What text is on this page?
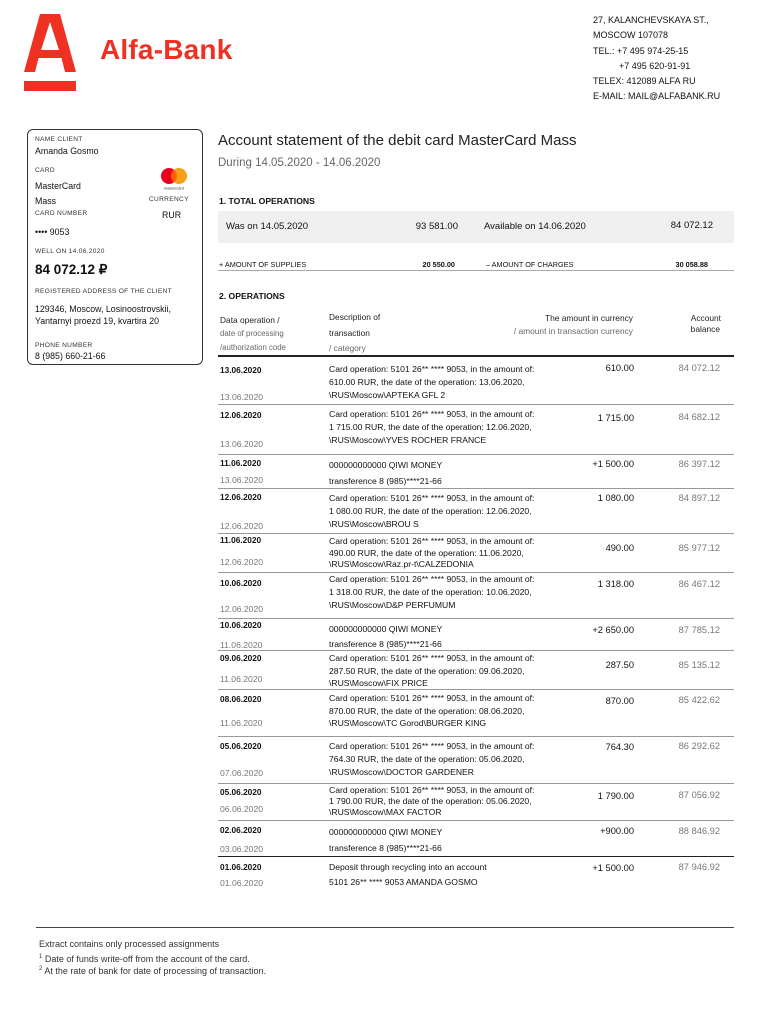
Alfa-Bank
27, KALANCHEVSKAYA ST.,
MOSCOW 107078
TEL.: +7 495 974-25-15
+7 495 620-91-91
TELEX: 412089 ALFA RU
E-MAIL: MAIL@ALFABANK.RU
NAME CLIENT
Amanda Gosmo
CARD
MasterCard
Mass
mastercard
CURRENCY
CARD NUMBER	RUR
•••• 9053
WELL ON 14.06.2020
84 072.12 ₽
REGISTERED ADDRESS OF THE CLIENT
129346, Moscow, Losinoostrovskii,
Yantarnyi proezd 19, kvartira 20
PHONE NUMBER
8 (985) 660-21-66
Account statement of the debit card MasterCard Mass
During 14.05.2020 - 14.06.2020
1. TOTAL OPERATIONS
Was on 14.05.2020	93 581.00	Available on 14.06.2020	84 072.12
+ AMOUNT OF SUPPLIES	20 550.00	– AMOUNT OF CHARGES	30 058.88
2. OPERATIONS
Data operation /
date of processing
/authorization code
Description of
transaction
/ category
The amount in currency
/ amount in transaction currency
Account
balance
13.06.2020
13.06.2020
Card operation: 5101 26** **** 9053, in the amount of:
610.00 RUR, the date of the operation: 13.06.2020,
\RUS\Moscow\APTEKA GFL 2
610.00	84 072.12
12.06.2020
13.06.2020
Card operation: 5101 26** **** 9053, in the amount of:
1 715.00 RUR, the date of the operation: 12.06.2020,
\RUS\Moscow\YVES ROCHER FRANCE
1 715.00	84 682.12
11.06.2020
13.06.2020
000000000000 QIWI MONEY
transference 8 (985)****21-66
+1 500.00	86 397.12
12.06.2020
12.06.2020
Card operation: 5101 26** **** 9053, in the amount of:
1 080.00 RUR, the date of the operation: 12.06.2020,
\RUS\Moscow\BROU S
1 080.00	84 897.12
11.06.2020
12.06.2020
Card operation: 5101 26** **** 9053, in the amount of:
490.00 RUR, the date of the operation: 11.06.2020,
\RUS\Moscow\Raz.pr-t\CALZEDONIA
490.00	85 977.12
10.06.2020
12.06.2020
Card operation: 5101 26** **** 9053, in the amount of:
1 318.00 RUR, the date of the operation: 10.06.2020,
\RUS\Moscow\D&P PERFUMUM
1 318.00	86 467.12
10.06.2020
11.06.2020
000000000000 QIWI MONEY
transference 8 (985)****21-66
+2 650.00	87 785.12
09.06.2020
11.06.2020
Card operation: 5101 26** **** 9053, in the amount of:
287.50 RUR, the date of the operation: 09.06.2020,
\RUS\Moscow\FIX PRICE
287.50	85 135.12
08.06.2020
11.06.2020
Card operation: 5101 26** **** 9053, in the amount of:
870.00 RUR, the date of the operation: 08.06.2020,
\RUS\Moscow\TC Gorod\BURGER KING
870.00	85 422.62
05.06.2020
07.06.2020
Card operation: 5101 26** **** 9053, in the amount of:
764.30 RUR, the date of the operation: 05.06.2020,
\RUS\Moscow\DOCTOR GARDENER
764.30	86 292.62
05.06.2020
06.06.2020
Card operation: 5101 26** **** 9053, in the amount of:
1 790.00 RUR, the date of the operation: 05.06.2020,
\RUS\Moscow\MAX FACTOR
1 790.00	87 056.92
02.06.2020
03.06.2020
000000000000 QIWI MONEY
transference 8 (985)****21-66
+900.00	88 846.92
01.06.2020
01.06.2020
Deposit through recycling into an account
5101 26** **** 9053 AMANDA GOSMO
+1 500.00	87 946.92
Extract contains only processed assignments
$^1$ Date of funds write-off from the account of the card.
$^2$ At the rate of bank for date of processing of transaction.
